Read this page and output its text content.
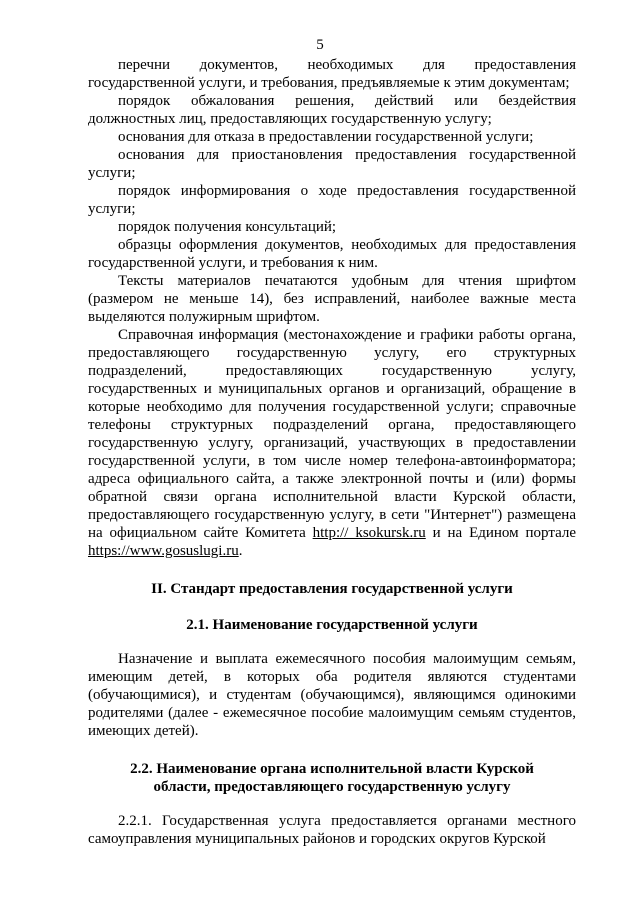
5

перечни документов, необходимых для предоставления государственной услуги, и требования, предъявляемые к этим документам;

порядок обжалования решения, действий или бездействия должностных лиц, предоставляющих государственную услугу;

основания для отказа в предоставлении государственной услуги;

основания для приостановления предоставления государственной услуги;

порядок информирования о ходе предоставления государственной услуги;

порядок получения консультаций;

образцы оформления документов, необходимых для предоставления государственной услуги, и требования к ним.

Тексты материалов печатаются удобным для чтения шрифтом (размером не меньше 14), без исправлений, наиболее важные места выделяются полужирным шрифтом.

Справочная информация (местонахождение и графики работы органа, предоставляющего государственную услугу, его структурных подразделений, предоставляющих государственную услугу, государственных и муниципальных органов и организаций, обращение в которые необходимо для получения государственной услуги; справочные телефоны структурных подразделений органа, предоставляющего государственную услугу, организаций, участвующих в предоставлении государственной услуги, в том числе номер телефона-автоинформатора; адреса официального сайта, а также электронной почты и (или) формы обратной связи органа исполнительной власти Курской области, предоставляющего государственную услугу, в сети "Интернет") размещена на официальном сайте Комитета http:// ksokursk.ru и на Едином портале https://www.gosuslugi.ru.

II. Стандарт предоставления государственной услуги
2.1. Наименование государственной услуги

Назначение и выплата ежемесячного пособия малоимущим семьям, имеющим детей, в которых оба родителя являются студентами (обучающимися), и студентам (обучающимся), являющимся одинокими родителями (далее - ежемесячное пособие малоимущим семьям студентов, имеющих детей).

2.2. Наименование органа исполнительной власти Курской
области, предоставляющего государственную услугу

2.2.1. Государственная услуга предоставляется органами местного самоуправления муниципальных районов и городских округов Курской
